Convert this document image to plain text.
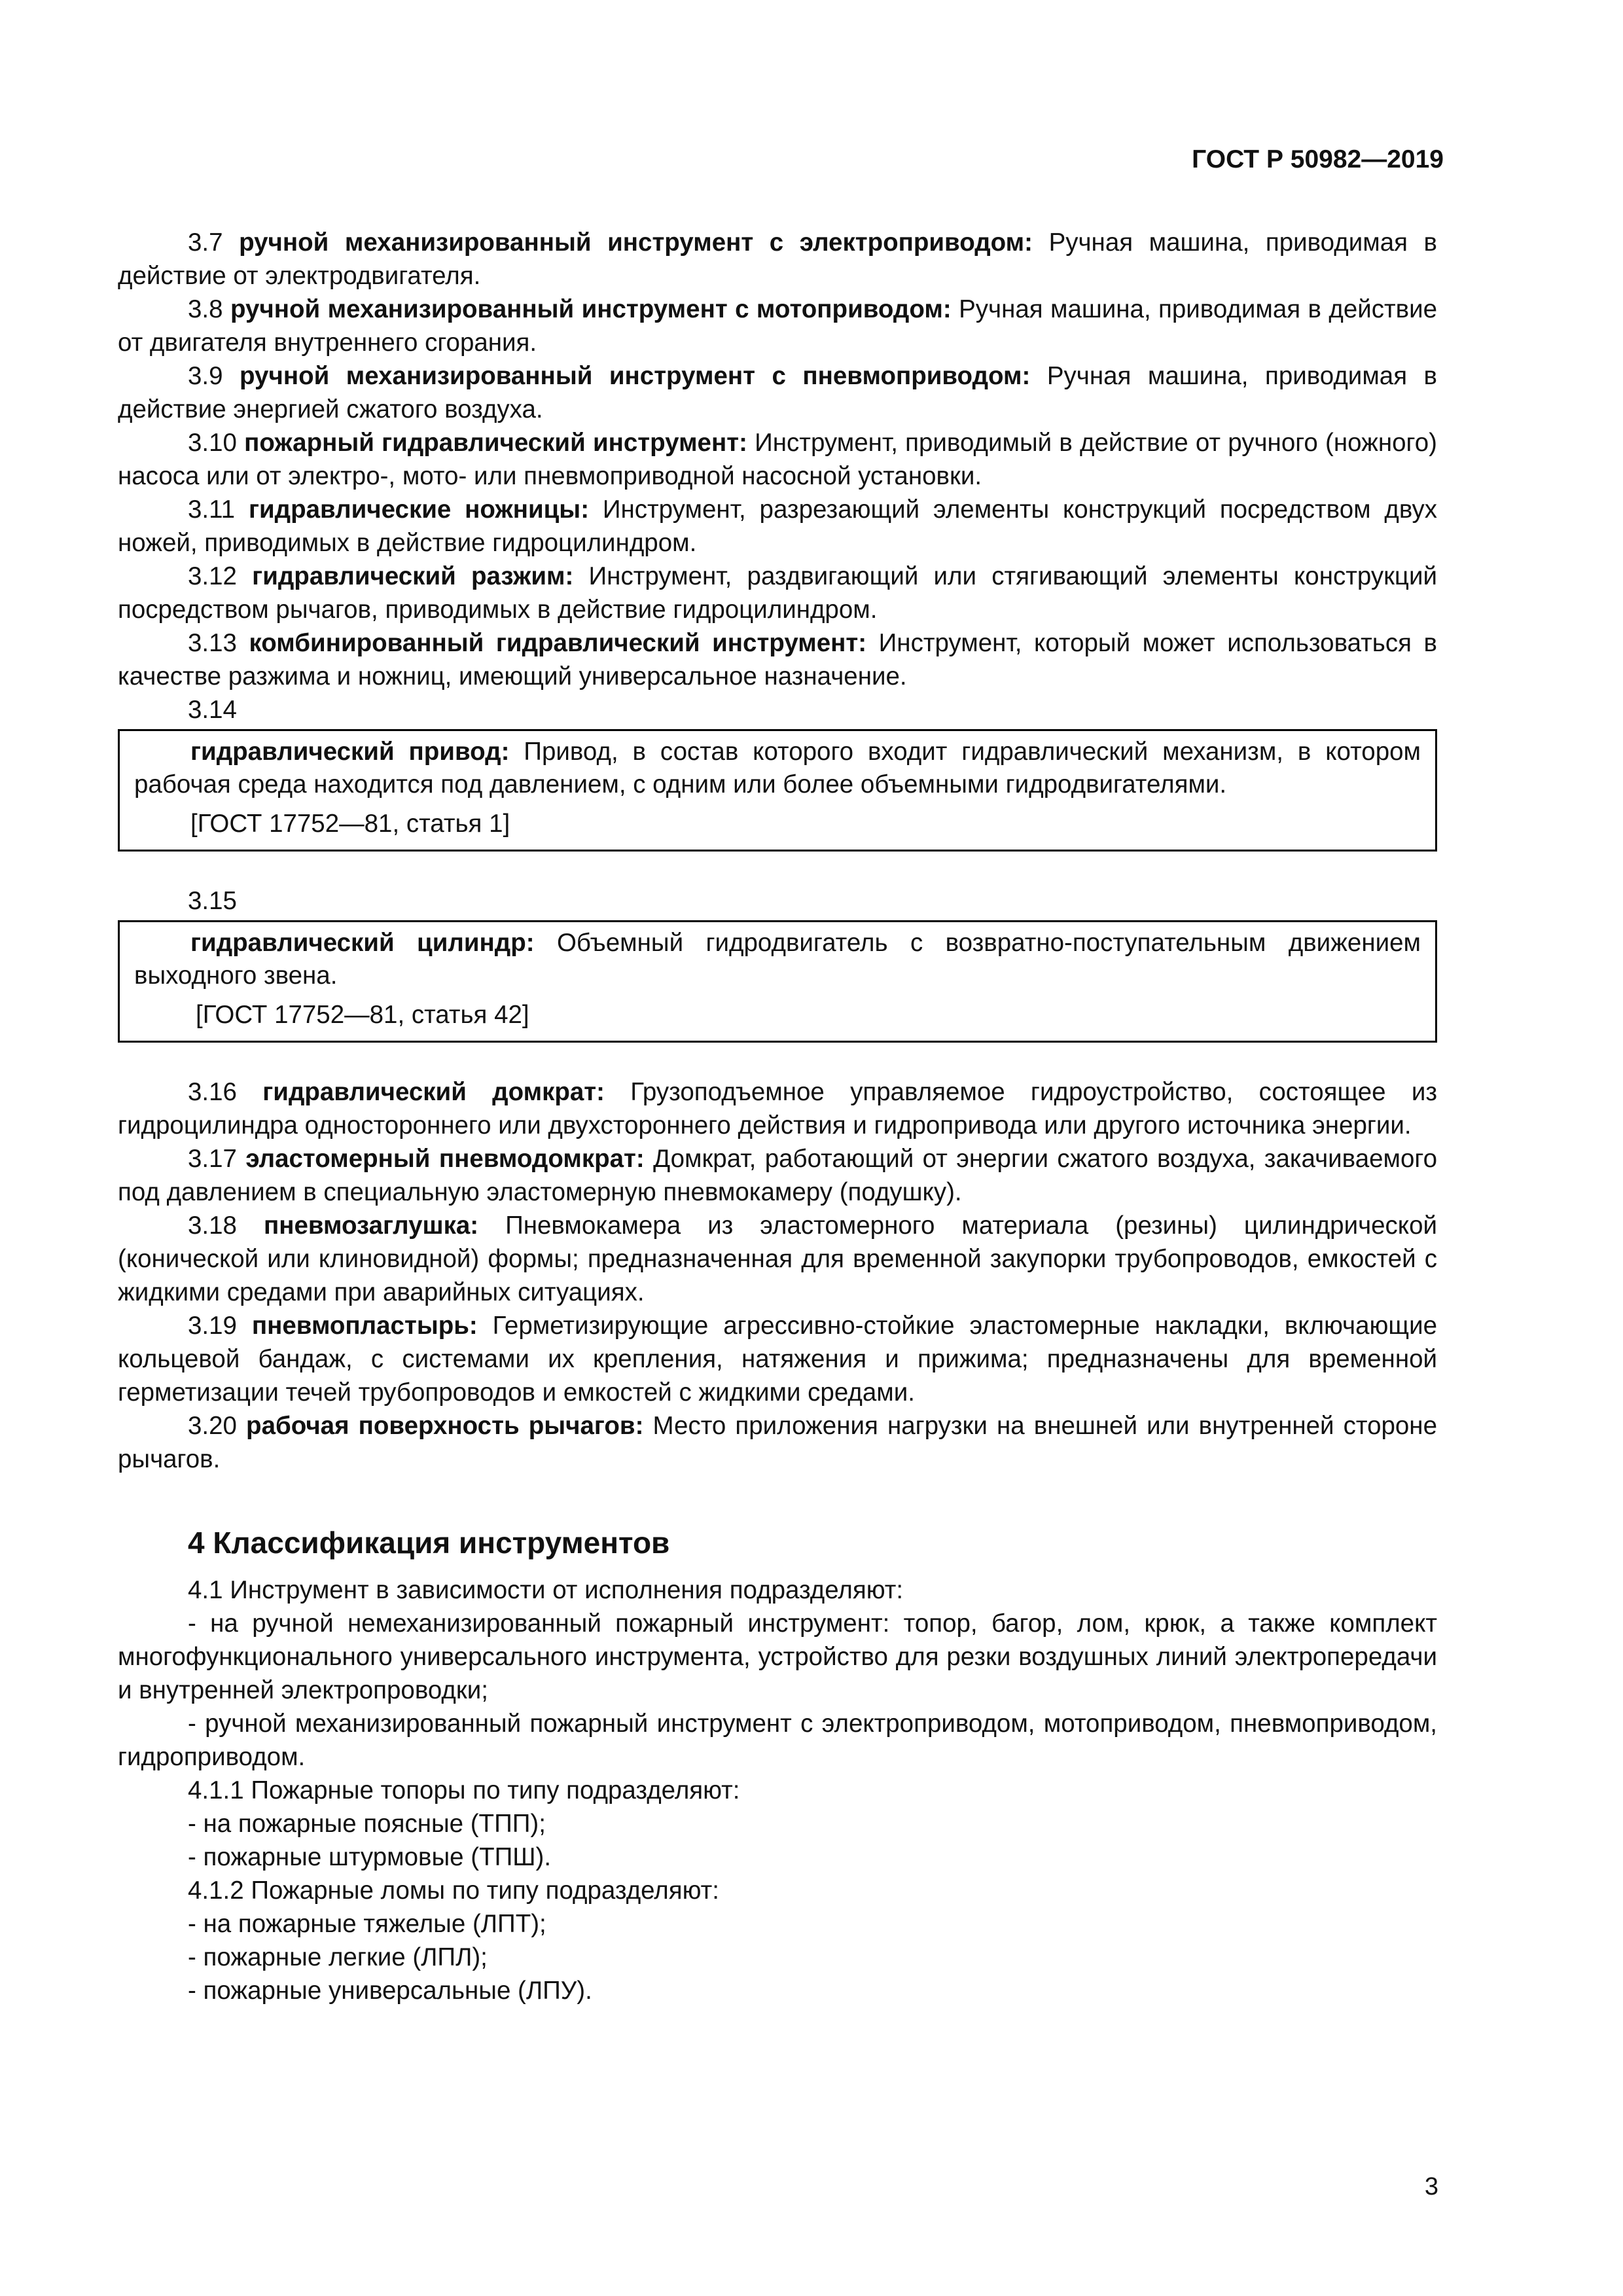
ГОСТ Р 50982—2019

3.7 ручной механизированный инструмент с электроприводом: Ручная машина, приводимая в действие от электродвигателя.

3.8 ручной механизированный инструмент с мотоприводом: Ручная машина, приводимая в действие от двигателя внутреннего сгорания.

3.9 ручной механизированный инструмент с пневмоприводом: Ручная машина, приводимая в действие энергией сжатого воздуха.

3.10 пожарный гидравлический инструмент: Инструмент, приводимый в действие от ручного (ножного) насоса или от электро-, мото- или пневмоприводной насосной установки.

3.11 гидравлические ножницы: Инструмент, разрезающий элементы конструкций посредством двух ножей, приводимых в действие гидроцилиндром.

3.12 гидравлический разжим: Инструмент, раздвигающий или стягивающий элементы конструкций посредством рычагов, приводимых в действие гидроцилиндром.

3.13 комбинированный гидравлический инструмент: Инструмент, который может использоваться в качестве разжима и ножниц, имеющий универсальное назначение.

3.14

гидравлический привод: Привод, в состав которого входит гидравлический механизм, в котором рабочая среда находится под давлением, с одним или более объемными гидродвигателями.

[ГОСТ 17752—81, статья 1]

3.15

гидравлический цилиндр: Объемный гидродвигатель с возвратно-поступательным движением выходного звена.

[ГОСТ 17752—81, статья 42]

3.16 гидравлический домкрат: Грузоподъемное управляемое гидроустройство, состоящее из гидроцилиндра одностороннего или двухстороннего действия и гидропривода или другого источника энергии.

3.17 эластомерный пневмодомкрат: Домкрат, работающий от энергии сжатого воздуха, закачиваемого под давлением в специальную эластомерную пневмокамеру (подушку).

3.18 пневмозаглушка: Пневмокамера из эластомерного материала (резины) цилиндрической (конической или клиновидной) формы; предназначенная для временной закупорки трубопроводов, емкостей с жидкими средами при аварийных ситуациях.

3.19 пневмопластырь: Герметизирующие агрессивно-стойкие эластомерные накладки, включающие кольцевой бандаж, с системами их крепления, натяжения и прижима; предназначены для временной герметизации течей трубопроводов и емкостей с жидкими средами.

3.20 рабочая поверхность рычагов: Место приложения нагрузки на внешней или внутренней стороне рычагов.

4 Классификация инструментов

4.1 Инструмент в зависимости от исполнения подразделяют:

- на ручной немеханизированный пожарный инструмент: топор, багор, лом, крюк, а также комплект многофункционального универсального инструмента, устройство для резки воздушных линий электропередачи и внутренней электропроводки;

- ручной механизированный пожарный инструмент с электроприводом, мотоприводом, пневмоприводом, гидроприводом.

4.1.1 Пожарные топоры по типу подразделяют:

- на пожарные поясные (ТПП);

- пожарные штурмовые (ТПШ).

4.1.2 Пожарные ломы по типу подразделяют:

- на пожарные тяжелые (ЛПТ);

- пожарные легкие (ЛПЛ);

- пожарные универсальные (ЛПУ).

3
